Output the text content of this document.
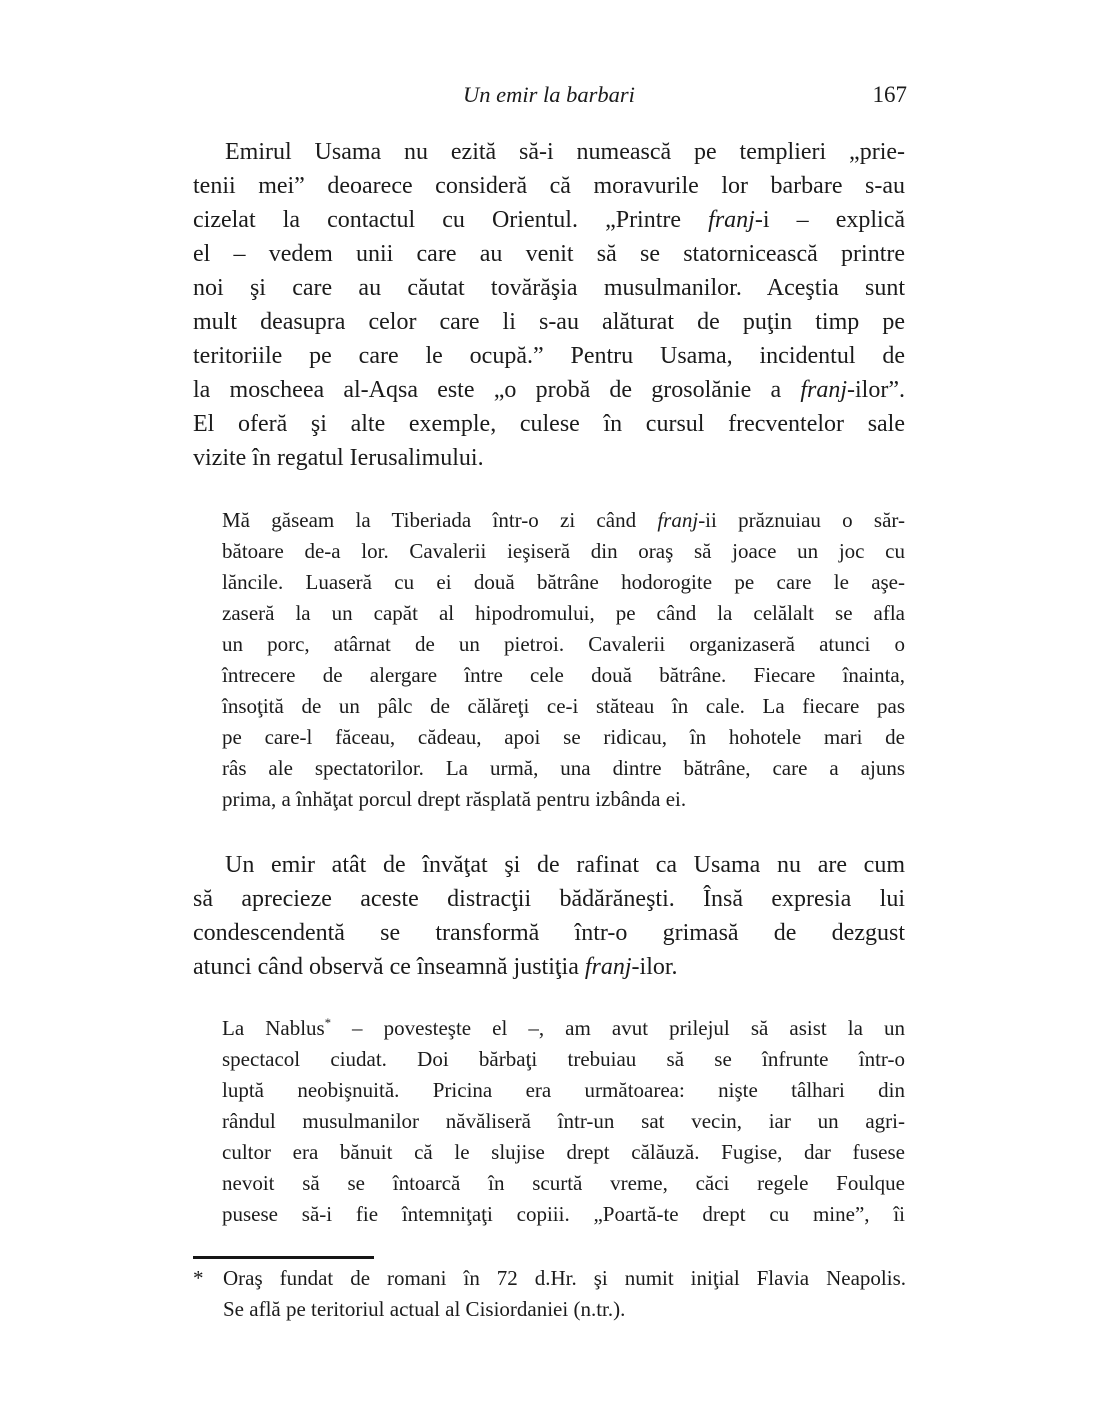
Un emir la barbari	167
Emirul Usama nu ezită să-i numească pe templieri „prie-
tenii mei” deoarece consideră că moravurile lor barbare s-au
cizelat la contactul cu Orientul. „Printre franj-i – explică
el – vedem unii care au venit să se statornicească printre
noi şi care au căutat tovărăşia musulmanilor. Aceştia sunt
mult deasupra celor care li s-au alăturat de puţin timp pe
teritoriile pe care le ocupă.” Pentru Usama, incidentul de
la moscheea al-Aqsa este „o probă de grosolănie a franj-ilor”.
El oferă şi alte exemple, culese în cursul frecventelor sale
vizite în regatul Ierusalimului.
Mă găseam la Tiberiada într-o zi când franj-ii prăznuiau o săr-
bătoare de-a lor. Cavalerii ieşiseră din oraş să joace un joc cu
lăncile. Luaseră cu ei două bătrâne hodorogite pe care le aşe-
zaseră la un capăt al hipodromului, pe când la celălalt se afla
un porc, atârnat de un pietroi. Cavalerii organizaseră atunci o
întrecere de alergare între cele două bătrâne. Fiecare înainta,
însoţită de un pâlc de călăreţi ce-i stăteau în cale. La fiecare pas
pe care-l făceau, cădeau, apoi se ridicau, în hohotele mari de
râs ale spectatorilor. La urmă, una dintre bătrâne, care a ajuns
prima, a înhăţat porcul drept răsplată pentru izbânda ei.
Un emir atât de învăţat şi de rafinat ca Usama nu are cum
să aprecieze aceste distracţii bădărăneşti. Însă expresia lui
condescendentă se transformă într-o grimasă de dezgust
atunci când observă ce înseamnă justiţia franj-ilor.
La Nablus* – povesteşte el –, am avut prilejul să asist la un
spectacol ciudat. Doi bărbaţi trebuiau să se înfrunte într-o
luptă neobişnuită. Pricina era următoarea: nişte tâlhari din
rândul musulmanilor năvăliseră într-un sat vecin, iar un agri-
cultor era bănuit că le slujise drept călăuză. Fugise, dar fusese
nevoit să se întoarcă în scurtă vreme, căci regele Foulque
pusese să-i fie întemniţaţi copiii. „Poartă-te drept cu mine”, îi
* Oraş fundat de romani în 72 d.Hr. şi numit iniţial Flavia Neapolis.
Se află pe teritoriul actual al Cisiordaniei (n.tr.).
